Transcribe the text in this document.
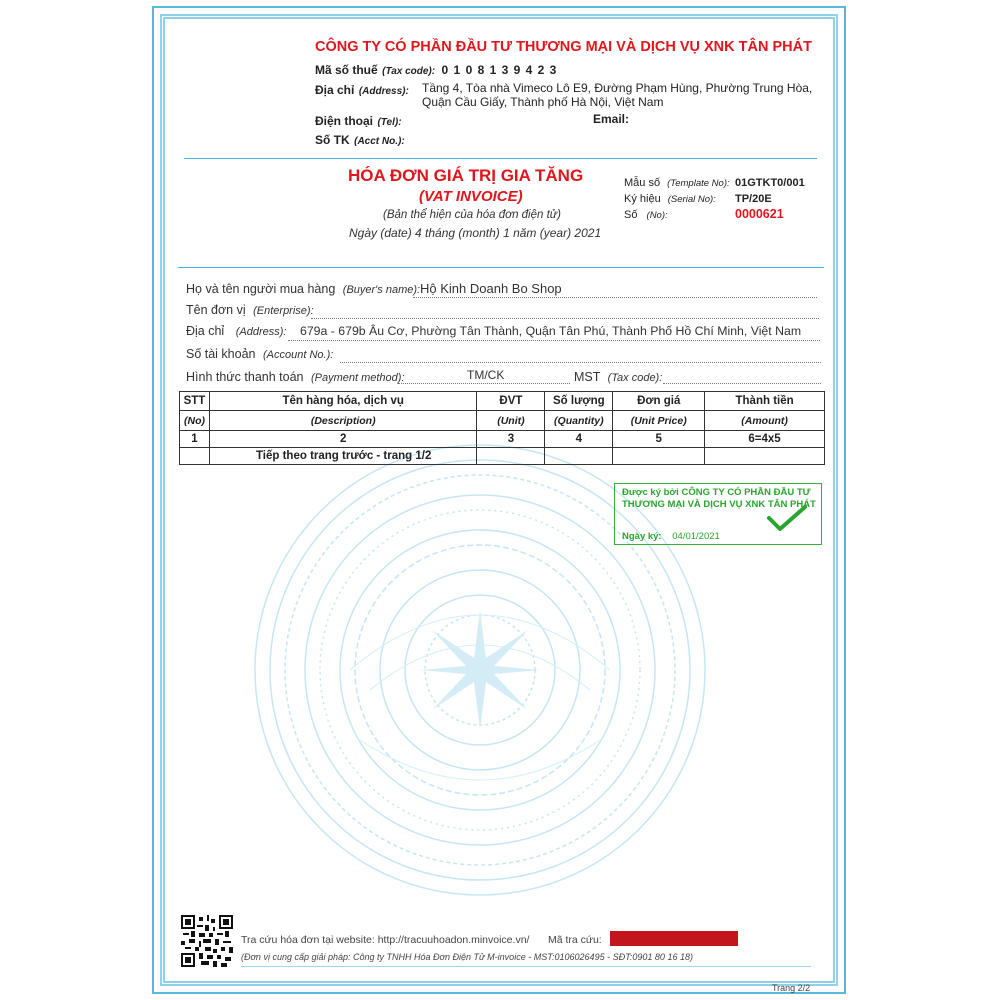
CÔNG TY CÓ PHẦN ĐẦU TƯ THƯƠNG MẠI VÀ DỊCH VỤ XNK TÂN PHÁT
Mã số thuế (Tax code): 0 1 0 8 1 3 9 4 2 3
Địa chỉ (Address): Tầng 4, Tòa nhà Vimeco Lô E9, Đường Phạm Hùng, Phường Trung Hòa,
Quận Cầu Giấy, Thành phố Hà Nội, Việt Nam
Điện thoại (Tel):	Email:
Số TK (Acct No.):
HÓA ĐƠN GIÁ TRỊ GIA TĂNG
(VAT INVOICE)
(Bản thể hiện của hóa đơn điện tử)
Ngày (date) 4 tháng (month) 1 năm (year) 2021
Mẫu số (Template No): 01GTKT0/001
Ký hiệu (Serial No): TP/20E
Số (No):	0000621
Họ và tên người mua hàng (Buyer's name): Hộ Kinh Doanh Bo Shop
Tên đơn vị (Enterprise):
Địa chỉ (Address): 679a - 679b Âu Cơ, Phường Tân Thành, Quận Tân Phú, Thành Phố Hồ Chí Minh, Việt Nam
Số tài khoản (Account No.):
Hình thức thanh toán (Payment method):	TM/CK	MST (Tax code):
STT	Tên hàng hóa, dịch vụ	ĐVT	Số lượng	Đơn giá	Thành tiền
(No)	(Description)	(Unit)	(Quantity)	(Unit Price)	(Amount)
1	2	3	4	5	6=4x5
	Tiếp theo trang trước - trang 1/2				
Được ký bởi CÔNG TY CÓ PHẦN ĐẦU TƯ THƯƠNG MẠI VÀ DỊCH VỤ XNK TÂN PHÁT
Ngày ký: 04/01/2021
Tra cứu hóa đơn tại website: http://tracuuhoadon.minvoice.vn/ Mã tra cứu:
(Đơn vị cung cấp giải pháp: Công ty TNHH Hóa Đơn Điện Tử M-invoice - MST:0106026495 - SĐT:0901 80 16 18)
Trang 2/2
